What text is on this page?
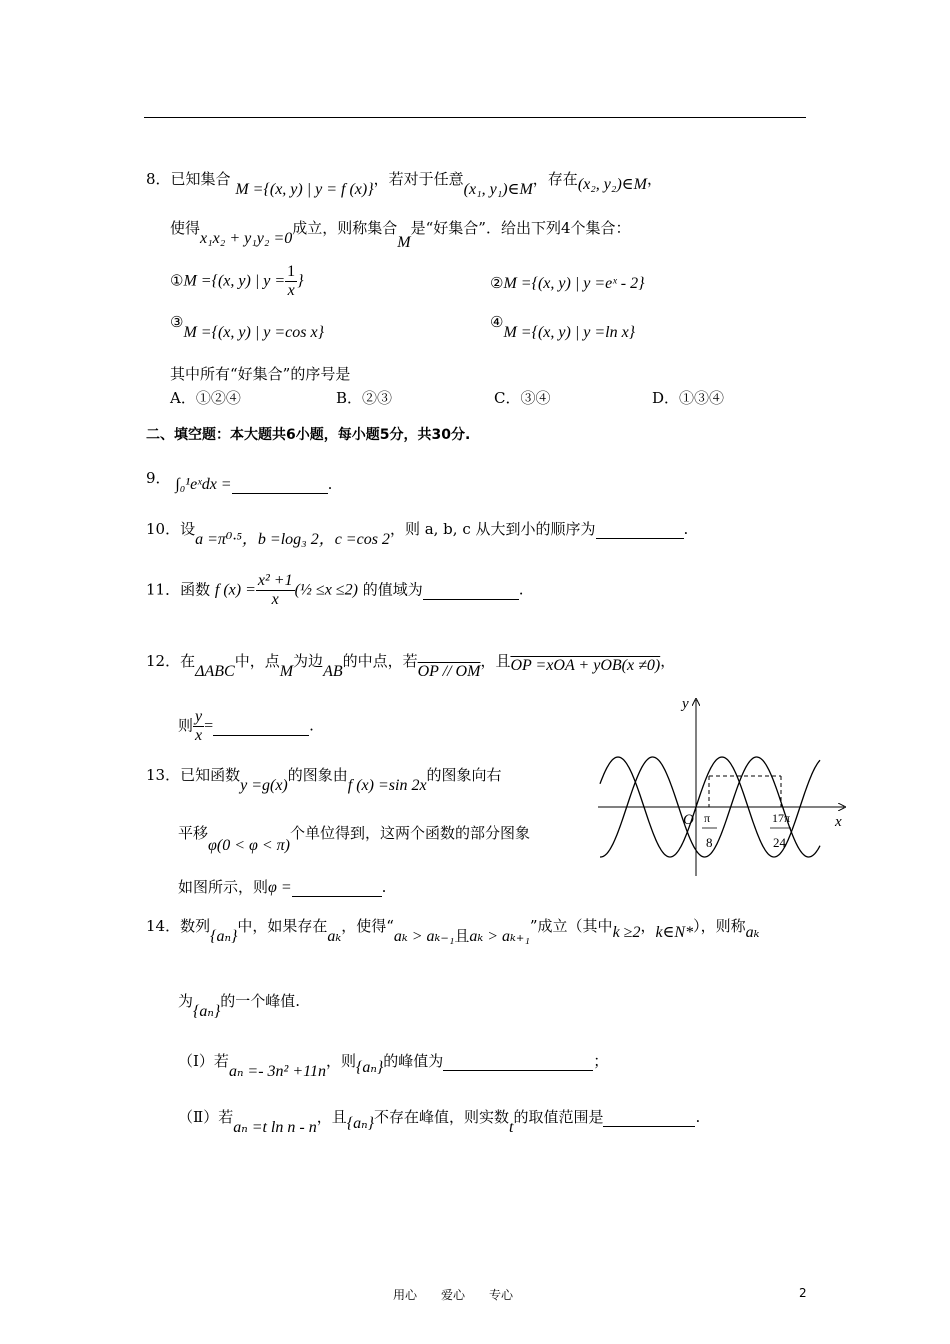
8．已知集合 M ={(x, y) | y = f (x)}，若对于任意(x₁, y₁)∈M，存在(x₂, y₂)∈M，
使得x₁x₂ + y₁y₂ =0成立，则称集合M是“好集合”．给出下列4个集合：
①M ={(x, y) | $y = \frac{1}{x}$ }	②M ={(x, y) | y =eˣ - 2}
③M ={(x, y) | y =cos x}
④M ={(x, y) | y =ln x}
其中所有“好集合”的序号是
A．①②④	B．②③	C．③④	D．①③④
二、填空题：本大题共6小题，每小题5分，共30分.
9． ∫₀¹eˣdx =	.
10．设a =π⁰·⁵，b =log₃ 2，c =cos 2，则 a, b, c 从大到小的顺序为	.
11．函数 f $(x) = \frac{\text{x² +1}}{x}$ (½ ≤x ≤2) 的值域为	.
12．在ΔABC中，点M为边AB的中点，若OP // OM，且OP =xOA + yOB(x ≠0)，
则 $\frac{y}{x}$ =	.
13．已知函数y =g(x)的图象由f (x) =sin 2x的图象向右
平移φ(0 < φ < π)个单位得到，这两个函数的部分图象
如图所示，则φ =	.
y
x
O π
8
17π
24
14．数列{aₙ}中，如果存在aₖ，使得“aₖ > aₖ₋₁且aₖ > aₖ₊₁”成立（其中k ≥2，k∈N*），则称aₖ
为{aₙ}的一个峰值.
（Ⅰ）若aₙ =- 3n² +11n，则{aₙ}的峰值为	；
（Ⅱ）若aₙ =t ln n - n，且{aₙ}不存在峰值，则实数t的取值范围是	.
用心　　爱心　　专心	2
